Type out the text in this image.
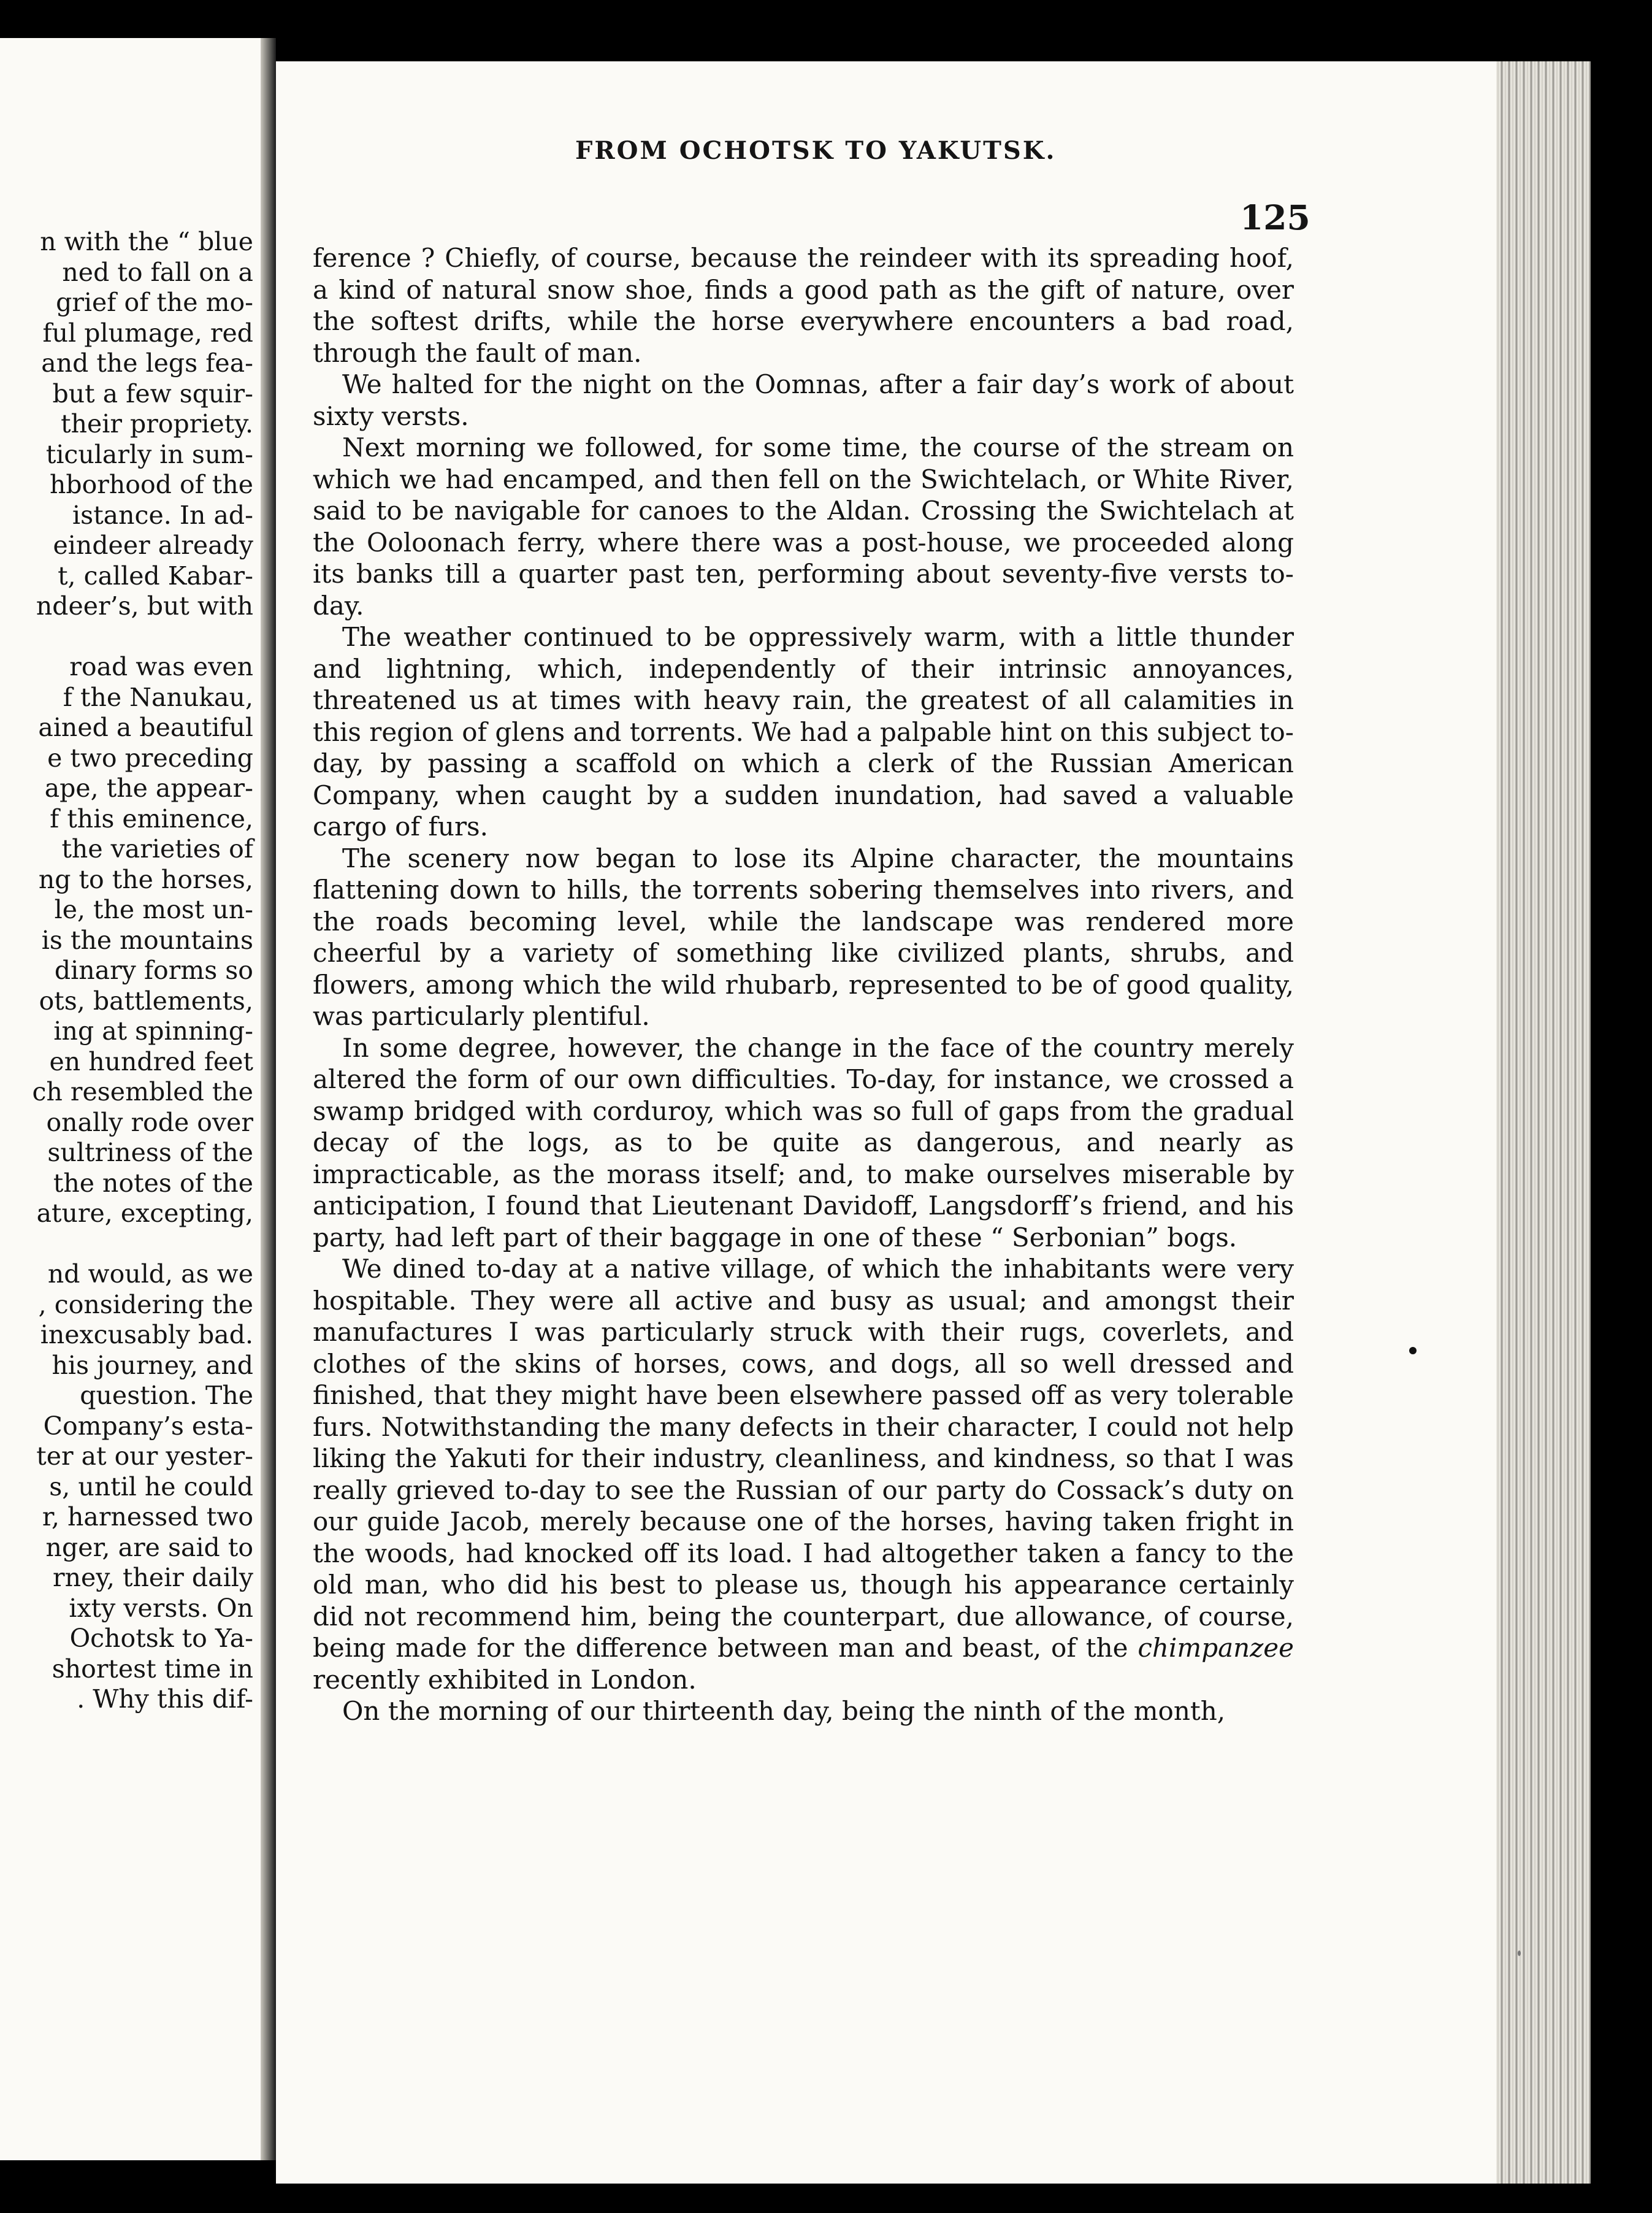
n with the “ blue
ned to fall on a
grief of the mo-
ful plumage, red
and the legs fea-
but a few squir-
their propriety.
ticularly in sum-
hborhood of the
istance. In ad-
eindeer already
t, called Kabar-
ndeer’s, but with
road was even
f the Nanukau,
ained a beautiful
e two preceding
ape, the appear-
f this eminence,
the varieties of
ng to the horses,
le, the most un-
is the mountains
dinary forms so
ots, battlements,
ing at spinning-
en hundred feet
ch resembled the
onally rode over
sultriness of the
the notes of the
ature, excepting,
nd would, as we
, considering the
inexcusably bad.
his journey, and
question. The
Company’s esta-
ter at our yester-
s, until he could
r, harnessed two
nger, are said to
rney, their daily
ixty versts. On
Ochotsk to Ya-
shortest time in
. Why this dif-
FROM OCHOTSK TO YAKUTSK.
125

ference ? Chiefly, of course, because the reindeer with its spreading hoof, a kind of natural snow shoe, finds a good path as the gift of nature, over the softest drifts, while the horse everywhere encounters a bad road, through the fault of man.

We halted for the night on the Oomnas, after a fair day’s work of about sixty versts.

Next morning we followed, for some time, the course of the stream on which we had encamped, and then fell on the Swichtelach, or White River, said to be navigable for canoes to the Aldan. Crossing the Swichtelach at the Ooloonach ferry, where there was a post-house, we proceeded along its banks till a quarter past ten, performing about seventy-five versts to-day.

The weather continued to be oppressively warm, with a little thunder and lightning, which, independently of their intrinsic annoyances, threatened us at times with heavy rain, the greatest of all calamities in this region of glens and torrents. We had a palpable hint on this subject to-day, by passing a scaffold on which a clerk of the Russian American Company, when caught by a sudden inundation, had saved a valuable cargo of furs.

The scenery now began to lose its Alpine character, the mountains flattening down to hills, the torrents sobering themselves into rivers, and the roads becoming level, while the landscape was rendered more cheerful by a variety of something like civilized plants, shrubs, and flowers, among which the wild rhubarb, represented to be of good quality, was particularly plentiful.

In some degree, however, the change in the face of the country merely altered the form of our own difficulties. To-day, for instance, we crossed a swamp bridged with corduroy, which was so full of gaps from the gradual decay of the logs, as to be quite as dangerous, and nearly as impracticable, as the morass itself; and, to make ourselves miserable by anticipation, I found that Lieutenant Davidoff, Langsdorff’s friend, and his party, had left part of their baggage in one of these “ Serbonian” bogs.

We dined to-day at a native village, of which the inhabitants were very hospitable. They were all active and busy as usual; and amongst their manufactures I was particularly struck with their rugs, coverlets, and clothes of the skins of horses, cows, and dogs, all so well dressed and finished, that they might have been elsewhere passed off as very tolerable furs. Notwithstanding the many defects in their character, I could not help liking the Yakuti for their industry, cleanliness, and kindness, so that I was really grieved to-day to see the Russian of our party do Cossack’s duty on our guide Jacob, merely because one of the horses, having taken fright in the woods, had knocked off its load. I had altogether taken a fancy to the old man, who did his best to please us, though his appearance certainly did not recommend him, being the counterpart, due allowance, of course, being made for the difference between man and beast, of the chimpanzee recently exhibited in London.

On the morning of our thirteenth day, being the ninth of the month,
